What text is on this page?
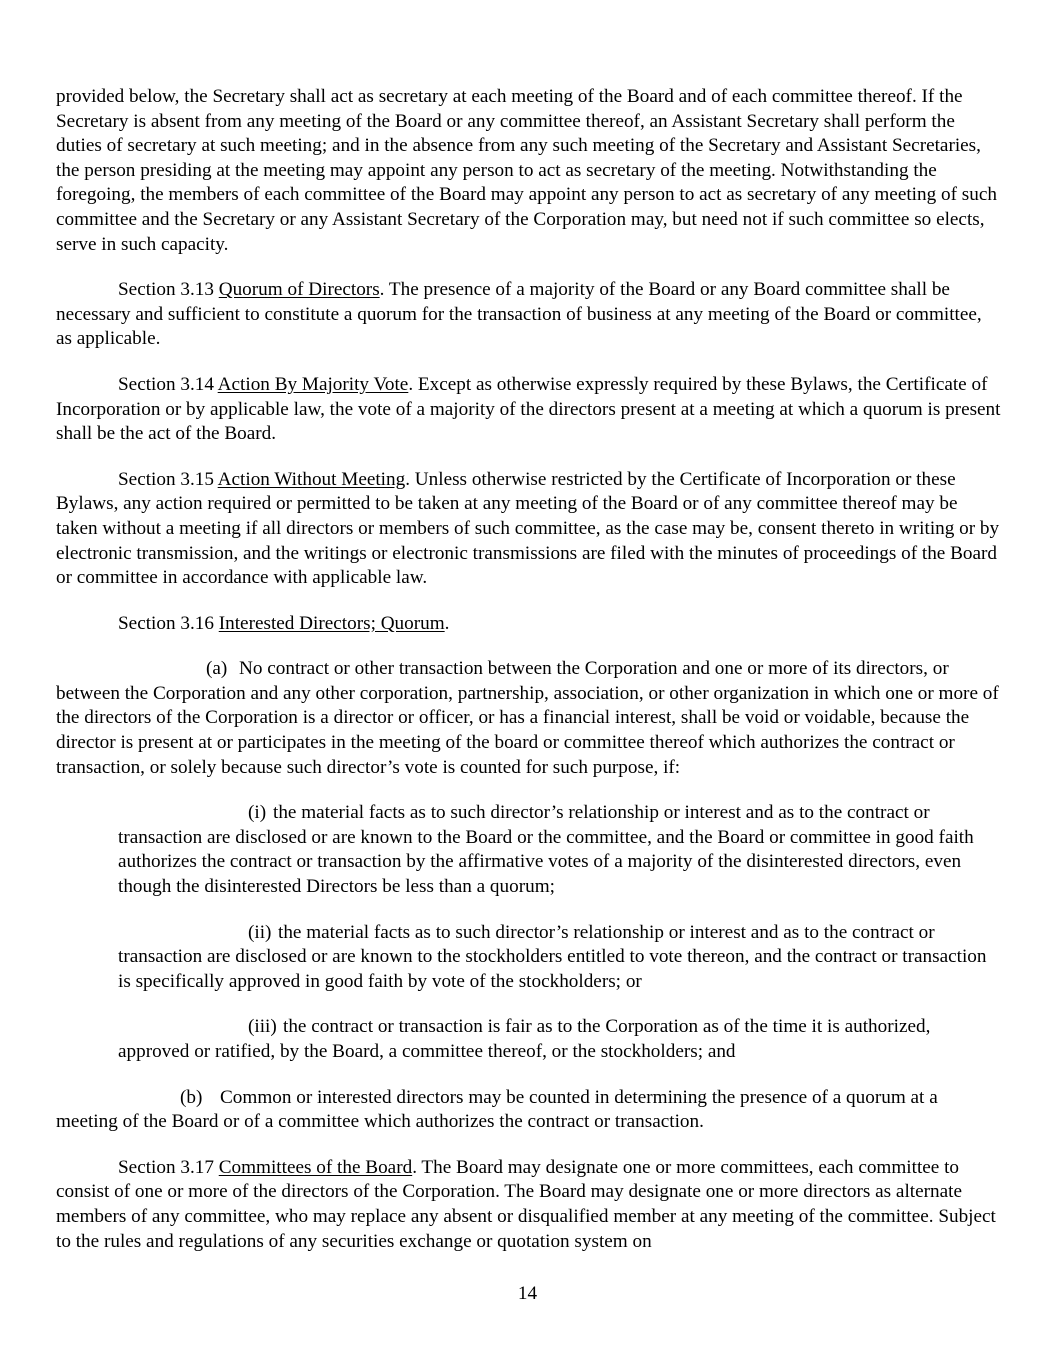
provided below, the Secretary shall act as secretary at each meeting of the Board and of each committee thereof. If the Secretary is absent from any meeting of the Board or any committee thereof, an Assistant Secretary shall perform the duties of secretary at such meeting; and in the absence from any such meeting of the Secretary and Assistant Secretaries, the person presiding at the meeting may appoint any person to act as secretary of the meeting. Notwithstanding the foregoing, the members of each committee of the Board may appoint any person to act as secretary of any meeting of such committee and the Secretary or any Assistant Secretary of the Corporation may, but need not if such committee so elects, serve in such capacity.

Section 3.13 Quorum of Directors. The presence of a majority of the Board or any Board committee shall be necessary and sufficient to constitute a quorum for the transaction of business at any meeting of the Board or committee, as applicable.

Section 3.14 Action By Majority Vote. Except as otherwise expressly required by these Bylaws, the Certificate of Incorporation or by applicable law, the vote of a majority of the directors present at a meeting at which a quorum is present shall be the act of the Board.

Section 3.15 Action Without Meeting. Unless otherwise restricted by the Certificate of Incorporation or these Bylaws, any action required or permitted to be taken at any meeting of the Board or of any committee thereof may be taken without a meeting if all directors or members of such committee, as the case may be, consent thereto in writing or by electronic transmission, and the writings or electronic transmissions are filed with the minutes of proceedings of the Board or committee in accordance with applicable law.

Section 3.16 Interested Directors; Quorum.

(a) No contract or other transaction between the Corporation and one or more of its directors, or between the Corporation and any other corporation, partnership, association, or other organization in which one or more of the directors of the Corporation is a director or officer, or has a financial interest, shall be void or voidable, because the director is present at or participates in the meeting of the board or committee thereof which authorizes the contract or transaction, or solely because such director’s vote is counted for such purpose, if:

(i) the material facts as to such director’s relationship or interest and as to the contract or transaction are disclosed or are known to the Board or the committee, and the Board or committee in good faith authorizes the contract or transaction by the affirmative votes of a majority of the disinterested directors, even though the disinterested Directors be less than a quorum;

(ii) the material facts as to such director’s relationship or interest and as to the contract or transaction are disclosed or are known to the stockholders entitled to vote thereon, and the contract or transaction is specifically approved in good faith by vote of the stockholders; or

(iii) the contract or transaction is fair as to the Corporation as of the time it is authorized, approved or ratified, by the Board, a committee thereof, or the stockholders; and

(b) Common or interested directors may be counted in determining the presence of a quorum at a meeting of the Board or of a committee which authorizes the contract or transaction.

Section 3.17 Committees of the Board. The Board may designate one or more committees, each committee to consist of one or more of the directors of the Corporation. The Board may designate one or more directors as alternate members of any committee, who may replace any absent or disqualified member at any meeting of the committee. Subject to the rules and regulations of any securities exchange or quotation system on

14
